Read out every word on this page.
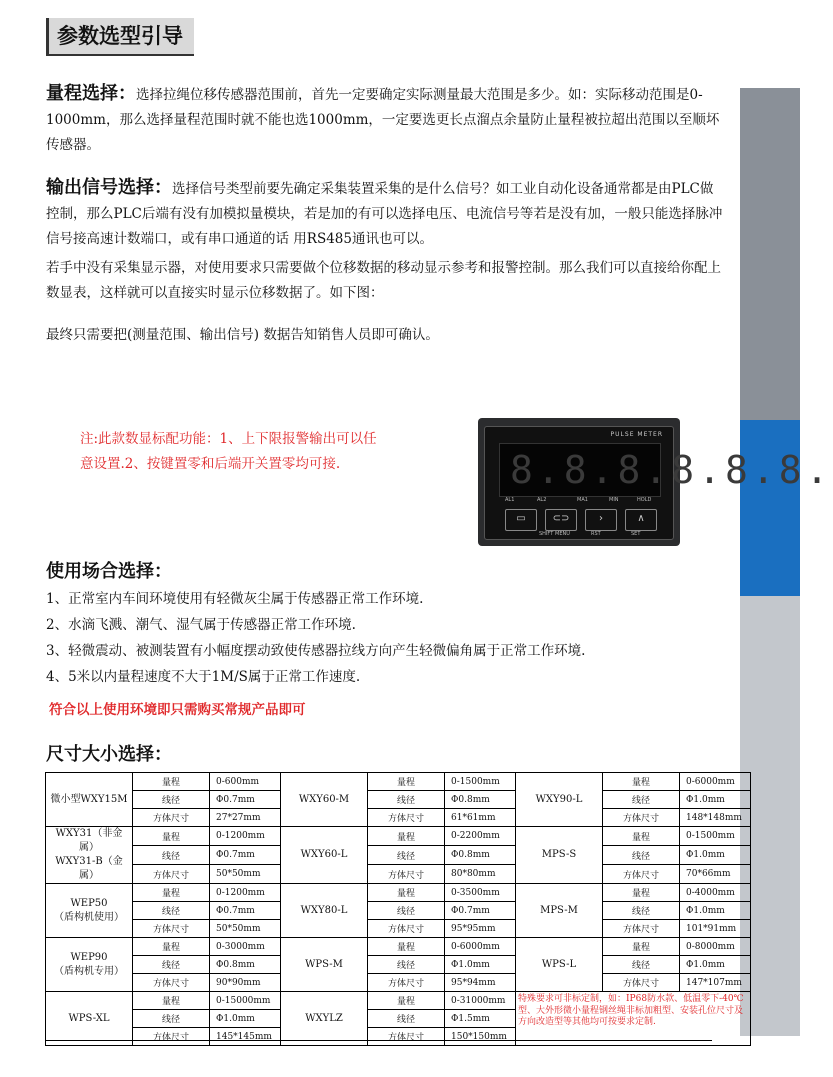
参数选型引导
量程选择：选择拉绳位移传感器范围前，首先一定要确定实际测量最大范围是多少。如：实际移动范围是0-1000mm，那么选择量程范围时就不能也选1000mm，一定要选更长点溜点余量防止量程被拉超出范围以至顺坏传感器。
输出信号选择：选择信号类型前要先确定采集装置采集的是什么信号？如工业自动化设备通常都是由PLC做控制，那么PLC后端有没有加模拟量模块，若是加的有可以选择电压、电流信号等若是没有加，一般只能选择脉冲信号接高速计数端口，或有串口通道的话 用RS485通讯也可以。
若手中没有采集显示器，对使用要求只需要做个位移数据的移动显示参考和报警控制。那么我们可以直接给你配上数显表，这样就可以直接实时显示位移数据了。如下图：
最终只需要把(测量范围、输出信号) 数据告知销售人员即可确认。
注:此款数显标配功能：1、上下限报警输出可以任意设置.2、按键置零和后端开关置零均可接.
PULSE METER
8.8.8.8.8.8.
AL1	AL2	MA1	MIN	HOLD
▭	⊂⊃	›	∧
SHIFT MENU	RST	SET
使用场合选择：
1、正常室内车间环境使用有轻微灰尘属于传感器正常工作环境.
2、水滴飞溅、潮气、湿气属于传感器正常工作环境.
3、轻微震动、被测装置有小幅度摆动致使传感器拉线方向产生轻微偏角属于正常工作环境.
4、5米以内量程速度不大于1M/S属于正常工作速度.
符合以上使用环境即只需购买常规产品即可
尺寸大小选择：
微小型WXY15M	量程	0-600mm	WXY60-M	量程	0-1500mm	WXY90-L	量程	0-6000mm
	线径	Φ0.7mm		线径	Φ0.8mm		线径	Φ1.0mm
	方体尺寸	27*27mm		方体尺寸	61*61mm		方体尺寸	148*148mm
WXY31（非金属）
WXY31-B（金属）	量程	0-1200mm	WXY60-L	量程	0-2200mm	MPS-S	量程	0-1500mm
	线径	Φ0.7mm		线径	Φ0.8mm		线径	Φ1.0mm
	方体尺寸	50*50mm		方体尺寸	80*80mm		方体尺寸	70*66mm
WEP50
（盾构机使用）	量程	0-1200mm	WXY80-L	量程	0-3500mm	MPS-M	量程	0-4000mm
	线径	Φ0.7mm		线径	Φ0.7mm		线径	Φ1.0mm
	方体尺寸	50*50mm		方体尺寸	95*95mm		方体尺寸	101*91mm
WEP90
（盾构机专用）	量程	0-3000mm	WPS-M	量程	0-6000mm	WPS-L	量程	0-8000mm
	线径	Φ0.8mm		线径	Φ1.0mm		线径	Φ1.0mm
	方体尺寸	90*90mm		方体尺寸	95*94mm		方体尺寸	147*107mm
WPS-XL	量程	0-15000mm	WXYLZ	量程	0-31000mm	特殊要求可非标定制，如：IP68防水款、低温零下-40℃型、大外形微小量程钢丝绳非标加粗型、安装孔位尺寸及方向改造型等其他均可按要求定制.		
	线径	Φ1.0mm		线径	Φ1.5mm			
	方体尺寸	145*145mm		方体尺寸	150*150mm			
